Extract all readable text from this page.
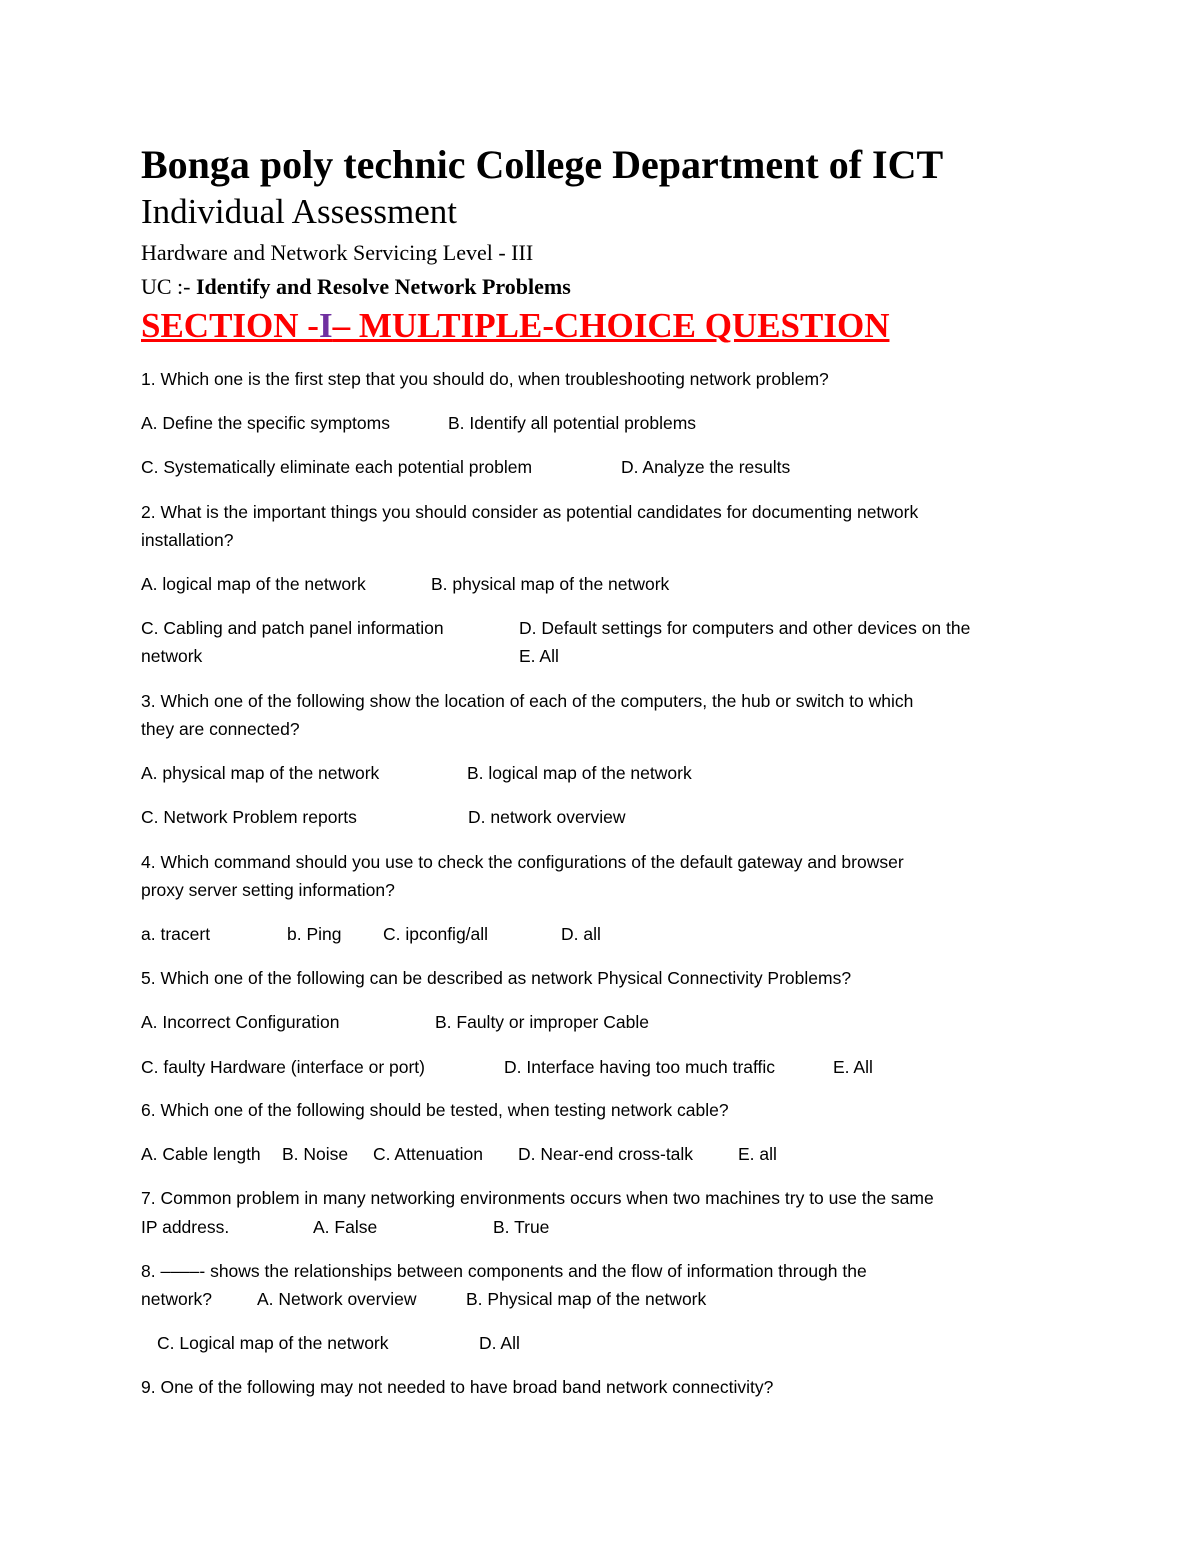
Bonga poly technic College Department of ICT
Individual Assessment
Hardware and Network Servicing Level - III
UC :- Identify and Resolve Network Problems
SECTION -I– MULTIPLE-CHOICE QUESTION
1. Which one is the first step that you should do, when troubleshooting network problem?
A. Define the specific symptoms	B. Identify all potential problems
C. Systematically eliminate each potential problem	D. Analyze the results
2. What is the important things you should consider as potential candidates for documenting network
installation?
A. logical map of the network	B. physical map of the network
C. Cabling and patch panel information	D. Default settings for computers and other devices on the
network	E. All
3. Which one of the following show the location of each of the computers, the hub or switch to which
they are connected?
A. physical map of the network	B. logical map of the network
C. Network Problem reports	D. network overview
4. Which command should you use to check the configurations of the default gateway and browser
proxy server setting information?
a. tracert	b. Ping C. ipconfig/all	D. all
5. Which one of the following can be described as network Physical Connectivity Problems?
A. Incorrect Configuration	B. Faulty or improper Cable
C. faulty Hardware (interface or port)	D. Interface having too much traffic	E. All
6. Which one of the following should be tested, when testing network cable?
A. Cable length B. Noise C. Attenuation D. Near-end cross-talk	E. all
7. Common problem in many networking environments occurs when two machines try to use the same
IP address.	A. False	B. True
8. ––––- shows the relationships between components and the flow of information through the
network?	A. Network overview	B. Physical map of the network
C. Logical map of the network	D. All
9. One of the following may not needed to have broad band network connectivity?
